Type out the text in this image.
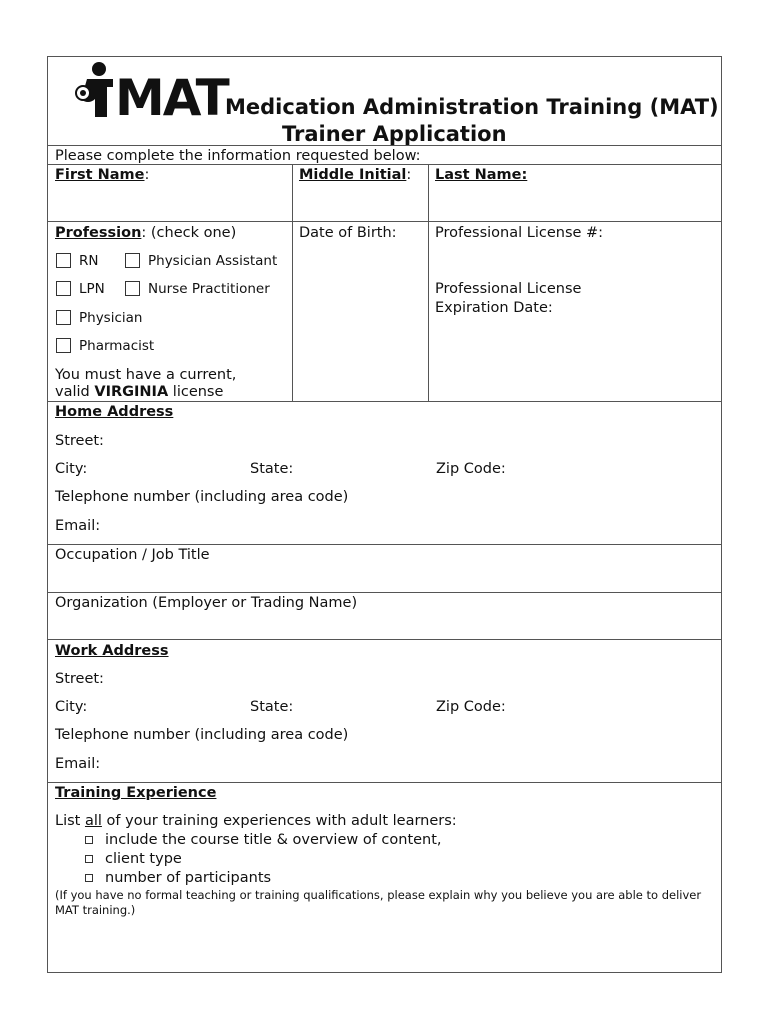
MAT
Medication Administration Training (MAT)
Trainer Application
Please complete the information requested below:
First Name:	Middle Initial: Last Name:
Profession: (check one)
RN	Physician Assistant
LPN	Nurse Practitioner
Physician
Pharmacist
You must have a current,
valid VIRGINIA license
Date of Birth:	Professional License #:
Professional License
Expiration Date:
Home Address
Street:
City:	State:	Zip Code:
Telephone number (including area code)
Email:
Occupation / Job Title
Organization (Employer or Trading Name)
Work Address
Street:
City:	State:	Zip Code:
Telephone number (including area code)
Email:
Training Experience
List all of your training experiences with adult learners:
include the course title & overview of content,
client type
number of participants
(If you have no formal teaching or training qualifications, please explain why you believe you are able to deliver MAT training.)
